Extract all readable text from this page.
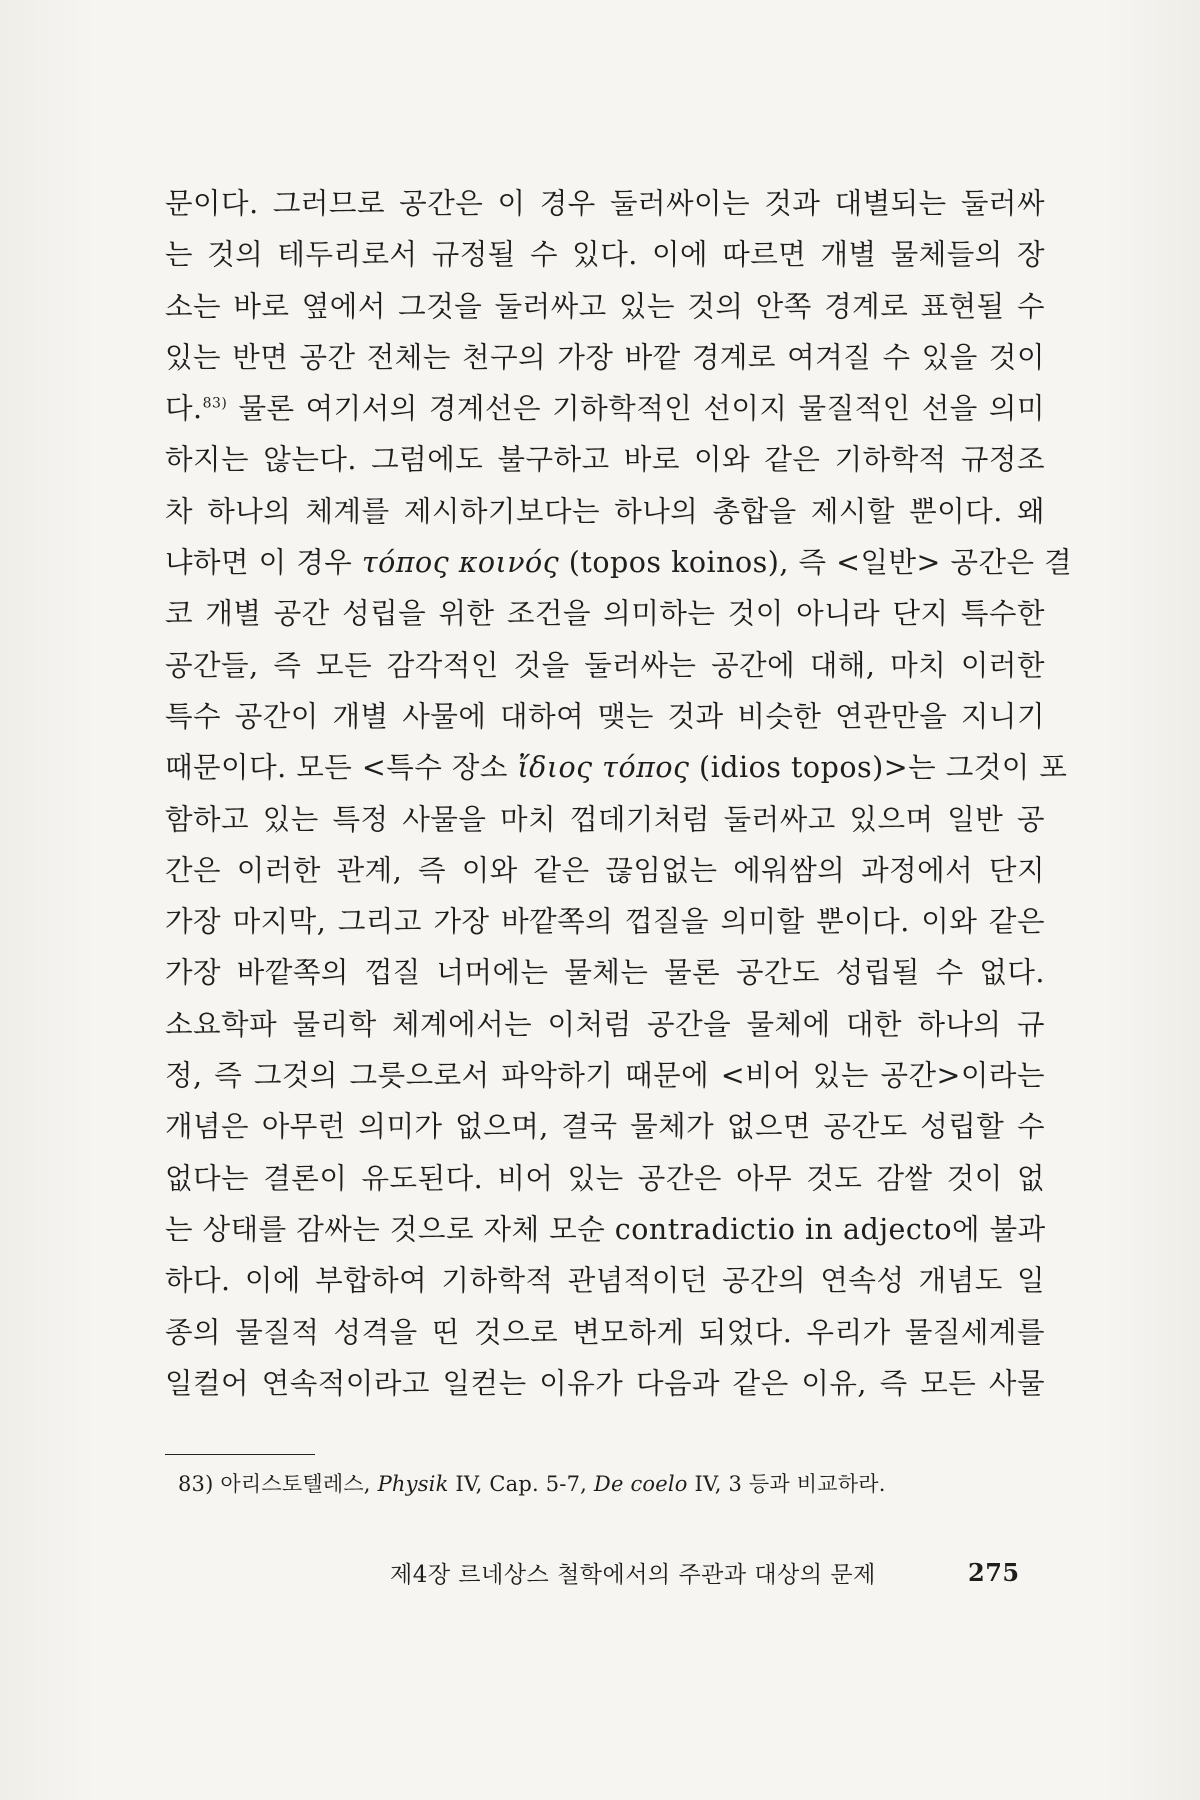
문이다. 그러므로 공간은 이 경우 둘러싸이는 것과 대별되는 둘러싸
는 것의 테두리로서 규정될 수 있다. 이에 따르면 개별 물체들의 장
소는 바로 옆에서 그것을 둘러싸고 있는 것의 안쪽 경계로 표현될 수
있는 반면 공간 전체는 천구의 가장 바깥 경계로 여겨질 수 있을 것이
다.$^{83)}$ 물론 여기서의 경계선은 기하학적인 선이지 물질적인 선을 의미
하지는 않는다. 그럼에도 불구하고 바로 이와 같은 기하학적 규정조
차 하나의 체계를 제시하기보다는 하나의 총합을 제시할 뿐이다. 왜
냐하면 이 경우 τόπος κοινός (topos koinos), 즉 <일반> 공간은 결
코 개별 공간 성립을 위한 조건을 의미하는 것이 아니라 단지 특수한
공간들, 즉 모든 감각적인 것을 둘러싸는 공간에 대해, 마치 이러한
특수 공간이 개별 사물에 대하여 맺는 것과 비슷한 연관만을 지니기
때문이다. 모든 <특수 장소 ἴδιος τόπος (idios topos)>는 그것이 포
함하고 있는 특정 사물을 마치 껍데기처럼 둘러싸고 있으며 일반 공
간은 이러한 관계, 즉 이와 같은 끊임없는 에워쌈의 과정에서 단지
가장 마지막, 그리고 가장 바깥쪽의 껍질을 의미할 뿐이다. 이와 같은
가장 바깥쪽의 껍질 너머에는 물체는 물론 공간도 성립될 수 없다.
소요학파 물리학 체계에서는 이처럼 공간을 물체에 대한 하나의 규
정, 즉 그것의 그릇으로서 파악하기 때문에 <비어 있는 공간>이라는
개념은 아무런 의미가 없으며, 결국 물체가 없으면 공간도 성립할 수
없다는 결론이 유도된다. 비어 있는 공간은 아무 것도 감쌀 것이 없
는 상태를 감싸는 것으로 자체 모순 contradictio in adjecto에 불과
하다. 이에 부합하여 기하학적 관념적이던 공간의 연속성 개념도 일
종의 물질적 성격을 띤 것으로 변모하게 되었다. 우리가 물질세계를
일컬어 연속적이라고 일컫는 이유가 다음과 같은 이유, 즉 모든 사물
83) 아리스토텔레스, Physik IV, Cap. 5-7, De coelo IV, 3 등과 비교하라.
제4장 르네상스 철학에서의 주관과 대상의 문제	275
